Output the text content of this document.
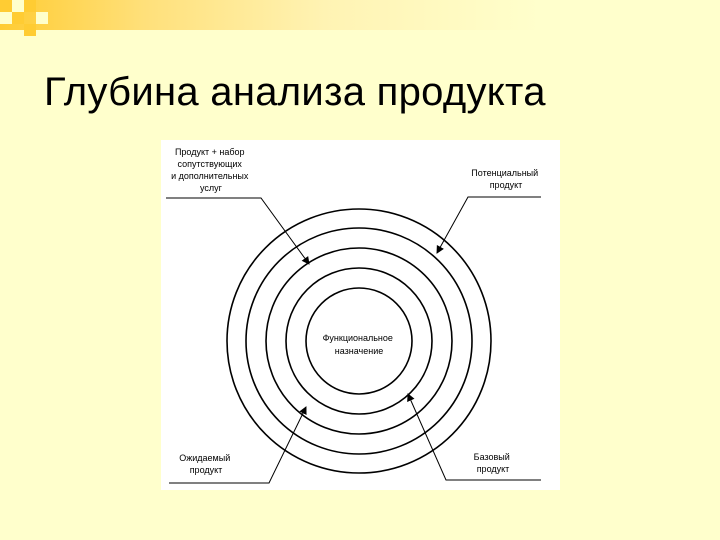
Глубина анализа продукта
Продукт + набор сопутствующих и дополнительных услуг
Потенциальный продукт
Функциональное назначение
Ожидаемый продукт
Базовый продукт
